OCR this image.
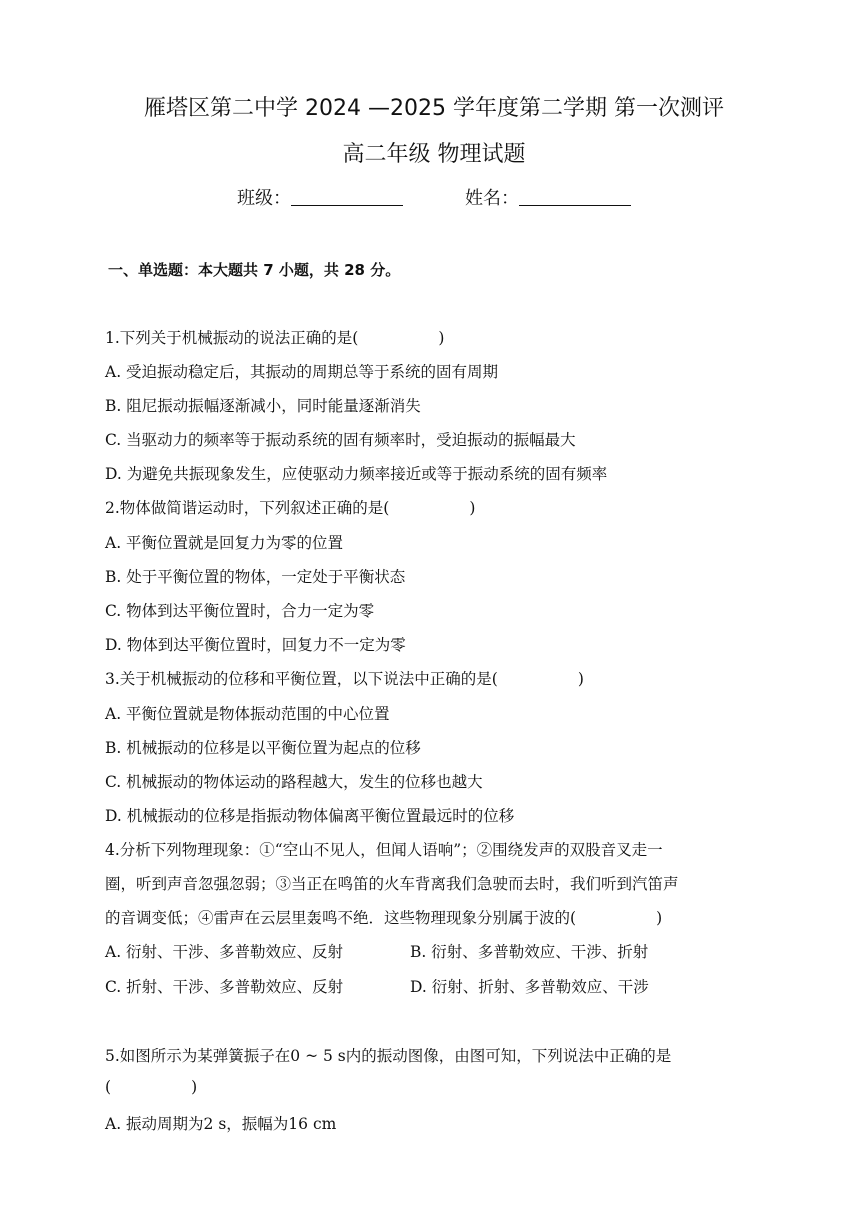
雁塔区第二中学 2024 —2025 学年度第二学期 第一次测评
高二年级 物理试题
班级：	姓名：
一、单选题：本大题共 7 小题，共 28 分。
1.下列关于机械振动的说法正确的是(	)
A. 受迫振动稳定后，其振动的周期总等于系统的固有周期
B. 阻尼振动振幅逐渐减小，同时能量逐渐消失
C. 当驱动力的频率等于振动系统的固有频率时，受迫振动的振幅最大
D. 为避免共振现象发生，应使驱动力频率接近或等于振动系统的固有频率
2.物体做简谐运动时，下列叙述正确的是(	)
A. 平衡位置就是回复力为零的位置
B. 处于平衡位置的物体，一定处于平衡状态
C. 物体到达平衡位置时，合力一定为零
D. 物体到达平衡位置时，回复力不一定为零
3.关于机械振动的位移和平衡位置，以下说法中正确的是(	)
A. 平衡位置就是物体振动范围的中心位置
B. 机械振动的位移是以平衡位置为起点的位移
C. 机械振动的物体运动的路程越大，发生的位移也越大
D. 机械振动的位移是指振动物体偏离平衡位置最远时的位移
4.分析下列物理现象：①“空山不见人，但闻人语响”；②围绕发声的双股音叉走一
圈，听到声音忽强忽弱；③当正在鸣笛的火车背离我们急驶而去时，我们听到汽笛声
的音调变低；④雷声在云层里轰鸣不绝．这些物理现象分别属于波的(	)
A. 衍射、干涉、多普勒效应、反射	B. 衍射、多普勒效应、干涉、折射
C. 折射、干涉、多普勒效应、反射	D. 衍射、折射、多普勒效应、干涉
5.如图所示为某弹簧振子在0 ~ 5 s内的振动图像，由图可知，下列说法中正确的是
(	)
A. 振动周期为2 s，振幅为16 cm
